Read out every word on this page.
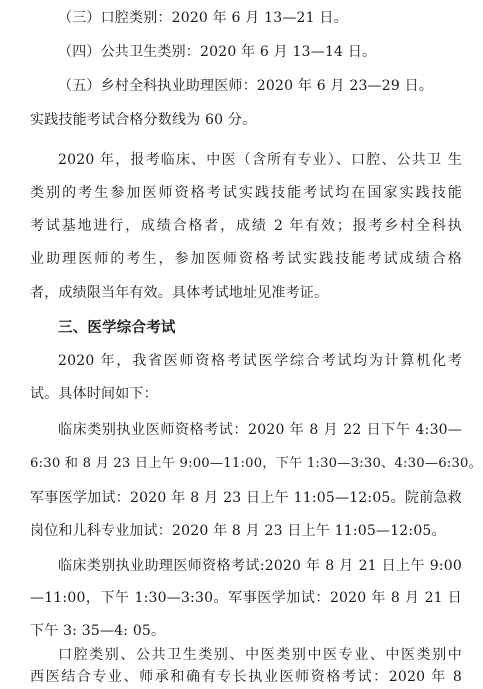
（三）口腔类别：2020 年 6 月 13—21 日。
（四）公共卫生类别：2020 年 6 月 13—14 日。
（五）乡村全科执业助理医师：2020 年 6 月 23—29 日。
实践技能考试合格分数线为 60 分。
2020 年，报考临床、中医（含所有专业）、口腔、公共卫 生
类别的考生参加医师资格考试实践技能考试均在国家实践技能
考试基地进行，成绩合格者，成绩 2 年有效；报考乡村全科执
业助理医师的考生，参加医师资格考试实践技能考试成绩合格
者，成绩限当年有效。具体考试地址见准考证。
三、医学综合考试
2020 年，我省医师资格考试医学综合考试均为计算机化考
试。具体时间如下：
临床类别执业医师资格考试：2020 年 8 月 22 日下午 4:30—
6:30 和 8 月 23 日上午 9:00—11:00，下午 1:30—3:30、4:30—6:30。
军事医学加试：2020 年 8 月 23 日上午 11:05—12:05。院前急救
岗位和儿科专业加试：2020 年 8 月 23 日上午 11:05—12:05。
临床类别执业助理医师资格考试:2020 年 8 月 21 日上午 9:00
—11:00，下午 1:30—3:30。军事医学加试：2020 年 8 月 21 日
下午 3: 35—4: 05。
口腔类别、公共卫生类别、中医类别中医专业、中医类别中
西医结合专业、师承和确有专长执业医师资格考试：2020 年 8
